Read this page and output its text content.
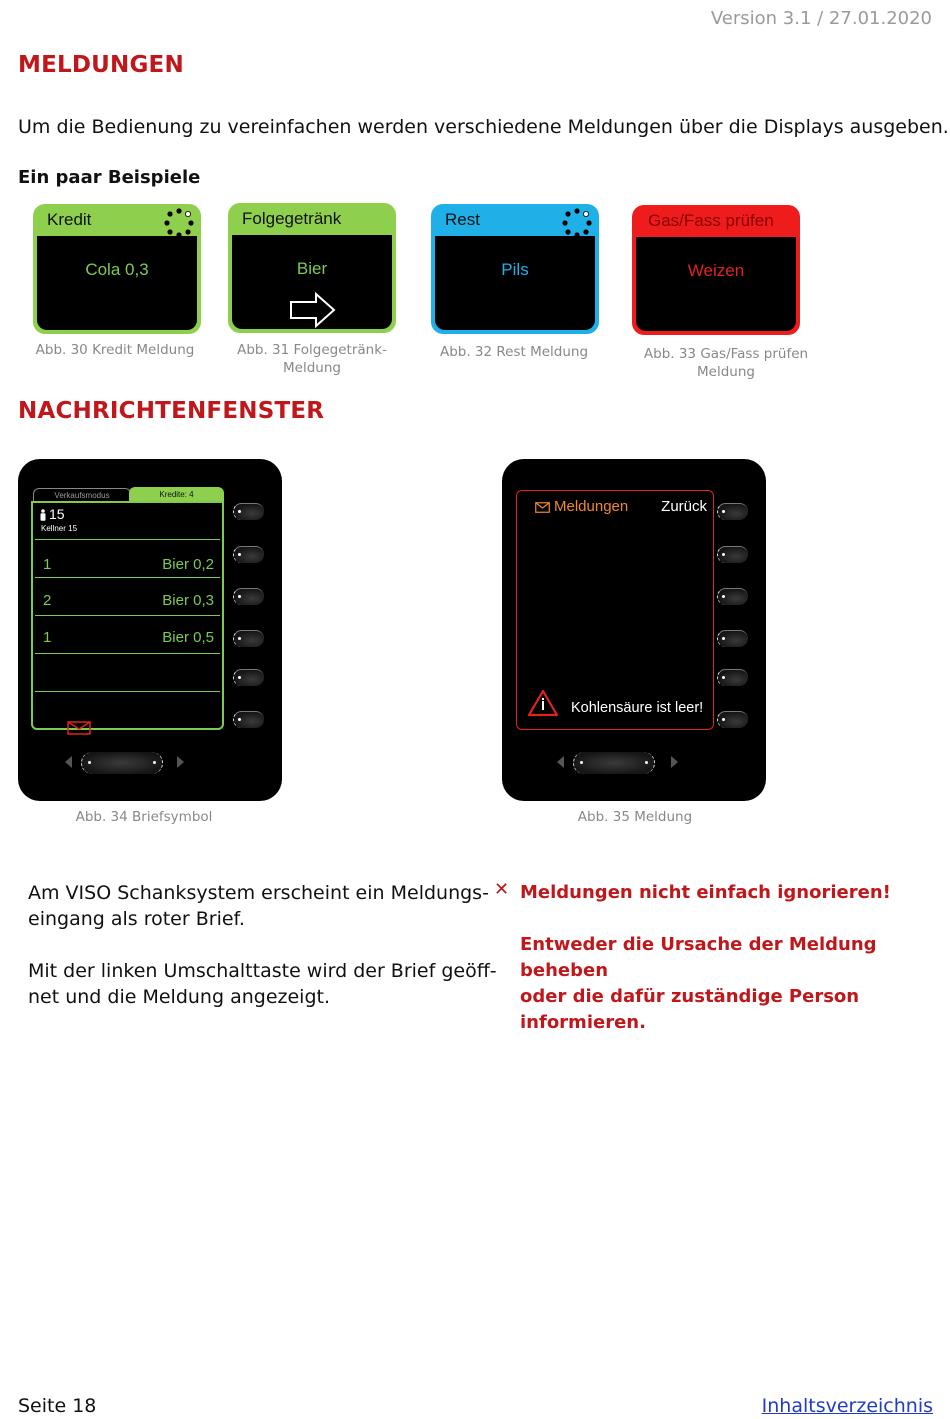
Version 3.1 / 27.01.2020
MELDUNGEN
Um die Bedienung zu vereinfachen werden verschiedene Meldungen über die Displays ausgeben.
Ein paar Beispiele
Kredit
Cola 0,3
Abb. 30 Kredit Meldung
Folgegetränk
Bier
Abb. 31 Folgegetränk-
Meldung
Rest
Pils
Abb. 32 Rest Meldung
Gas/Fass prüfen
Weizen
Abb. 33 Gas/Fass prüfen
Meldung
NACHRICHTENFENSTER
Verkaufsmodus	Kredite: 4
15
Kellner 15
1	Bier 0,2
2	Bier 0,3
1	Bier 0,5
Abb. 34 Briefsymbol
Meldungen Zurück
Kohlensäure ist leer!
Abb. 35 Meldung
Am VISO Schanksystem erscheint ein Meldungs-
eingang als roter Brief.
Mit der linken Umschalttaste wird der Brief geöff-
net und die Meldung angezeigt.
✕ Meldungen nicht einfach ignorieren!
Entweder die Ursache der Meldung beheben
oder die dafür zuständige Person informieren.
Seite 18	Inhaltsverzeichnis
